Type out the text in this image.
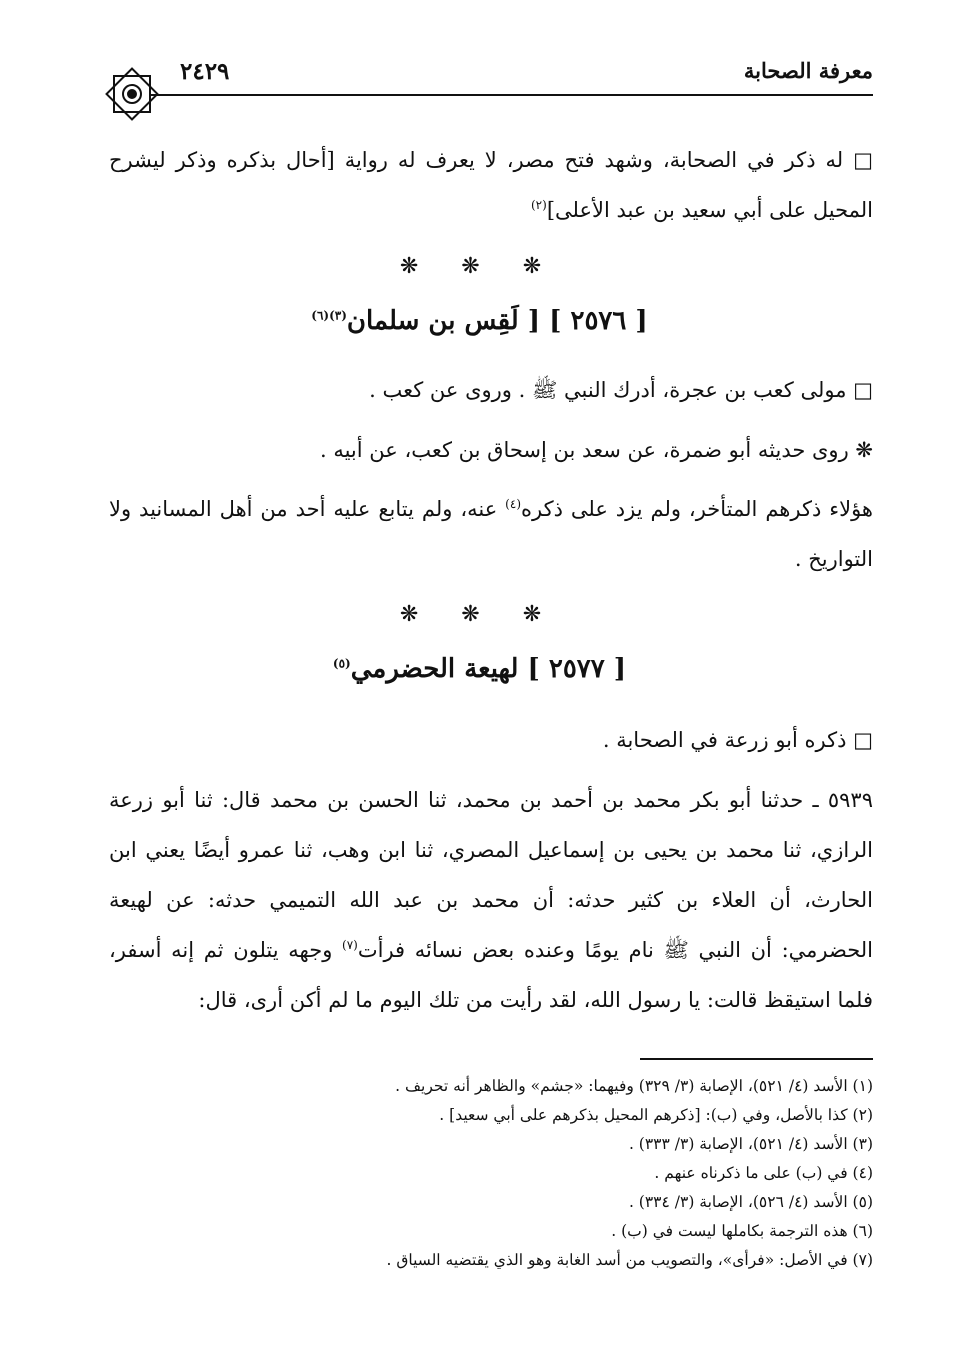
معرفة الصحابة
٢٤٢٩
□ له ذكر في الصحابة، وشهد فتح مصر، لا يعرف له رواية [أحال بذكره وذكر ليشرح المحيل على أبي سعيد بن عبد الأعلى]$^{(٢)}$
❋ ❋ ❋
[ ٢٥٧٦ ] [ لَقِس بن سلمان$^{(٣)(٦)}$
□ مولى كعب بن عجرة، أدرك النبي ﷺ . وروى عن كعب .
❋ روى حديثه أبو ضمرة، عن سعد بن إسحاق بن كعب، عن أبيه .
هؤلاء ذكرهم المتأخر، ولم يزد على ذكره$^{(٤)}$ عنه، ولم يتابع عليه أحد من أهل المسانيد ولا التواريخ .
❋ ❋ ❋
[ ٢٥٧٧ ] لهيعة الحضرمي$^{(٥)}$
□ ذكره أبو زرعة في الصحابة .
٥٩٣٩ ـ حدثنا أبو بكر محمد بن أحمد بن محمد، ثنا الحسن بن محمد قال: ثنا أبو زرعة الرازي، ثنا محمد بن يحيى بن إسماعيل المصري، ثنا ابن وهب، ثنا عمرو أيضًا يعني ابن الحارث، أن العلاء بن كثير حدثه: أن محمد بن عبد الله التميمي حدثه: عن لهيعة الحضرمي: أن النبي ﷺ نام يومًا وعنده بعض نسائه فرأت$^{(٧)}$ وجهه يتلون ثم إنه أسفر، فلما استيقظ قالت: يا رسول الله، لقد رأيت من تلك اليوم ما لم أكن أرى، قال:
(١) الأسد (٤/ ٥٢١)، الإصابة (٣/ ٣٢٩) وفيهما: «جشم» والظاهر أنه تحريف .
(٢) كذا بالأصل، وفي (ب): [ذكرهم المحيل بذكرهم على أبي سعيد] .
(٣) الأسد (٤/ ٥٢١)، الإصابة (٣/ ٣٣٣) .
(٤) في (ب) على ما ذكرناه عنهم .
(٥) الأسد (٤/ ٥٢٦)، الإصابة (٣/ ٣٣٤) .
(٦) هذه الترجمة بكاملها ليست في (ب) .
(٧) في الأصل: «فرأى»، والتصويب من أسد الغابة وهو الذي يقتضيه السياق .
